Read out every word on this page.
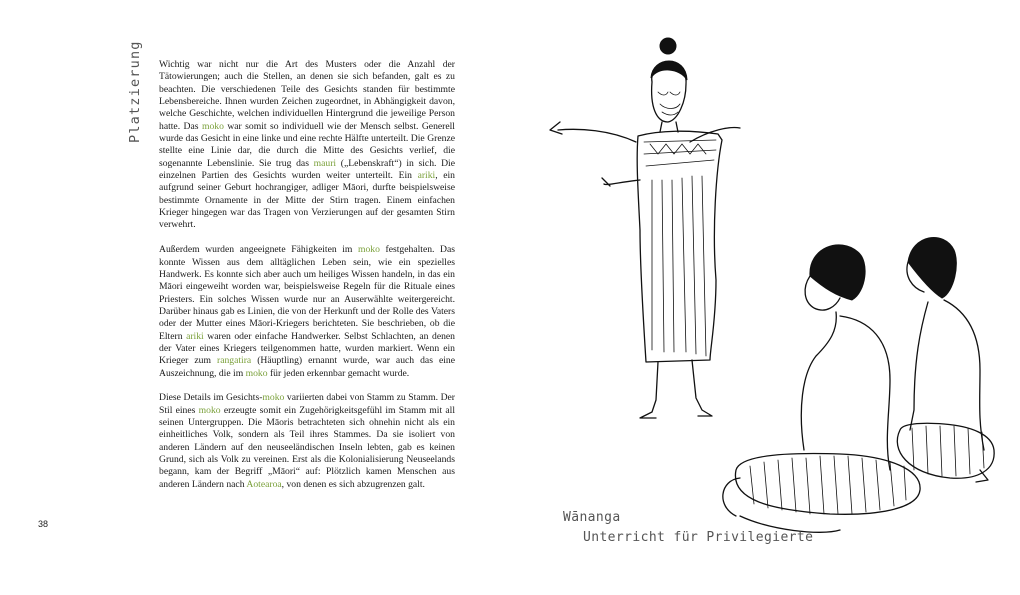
Platzierung Wichtig war nicht nur die Art des Musters oder die Anzahl der Tätowierungen; auch die Stellen, an denen sie sich befanden, galt es zu beachten. Die verschiedenen Teile des Gesichts standen für bestimmte Lebensbereiche. Ihnen wurden Zeichen zugeordnet, in Abhängigkeit davon, welche Geschichte, welchen individuellen Hintergrund die jeweilige Person hatte. Das moko war somit so individuell wie der Mensch selbst. Generell wurde das Gesicht in eine linke und eine rechte Hälfte unterteilt. Die Grenze stellte eine Linie dar, die durch die Mitte des Gesichts verlief, die sogenannte Lebenslinie. Sie trug das mauri („Lebenskraft“) in sich. Die einzelnen Partien des Gesichts wurden weiter unterteilt. Ein ariki, ein aufgrund seiner Geburt hochrangiger, adliger Māori, durfte beispielsweise bestimmte Ornamente in der Mitte der Stirn tragen. Einem einfachen Krieger hingegen war das Tragen von Verzierungen auf der gesamten Stirn verwehrt.

Außerdem wurden angeeignete Fähigkeiten im moko festgehalten. Das konnte Wissen aus dem alltäglichen Leben sein, wie ein spezielles Handwerk. Es konnte sich aber auch um heiliges Wissen handeln, in das ein Māori eingeweiht worden war, beispielsweise Regeln für die Rituale eines Priesters. Ein solches Wissen wurde nur an Auserwählte weitergereicht. Darüber hinaus gab es Linien, die von der Herkunft und der Rolle des Vaters oder der Mutter eines Māori-Kriegers berichteten. Sie beschrieben, ob die Eltern ariki waren oder einfache Handwerker. Selbst Schlachten, an denen der Vater eines Kriegers teilgenommen hatte, wurden markiert. Wenn ein Krieger zum rangatira (Häuptling) ernannt wurde, war auch das eine Auszeichnung, die im moko für jeden erkennbar gemacht wurde.

Diese Details im Gesichts-moko variierten dabei von Stamm zu Stamm. Der Stil eines moko erzeugte somit ein Zugehörigkeitsgefühl im Stamm mit all seinen Untergruppen. Die Māoris betrachteten sich ohnehin nicht als ein einheitliches Volk, sondern als Teil ihres Stammes. Da sie isoliert von anderen Ländern auf den neuseeländischen Inseln lebten, gab es keinen Grund, sich als Volk zu vereinen. Erst als die Kolonialisierung Neuseelands begann, kam der Begriff „Māori“ auf: Plötzlich kamen Menschen aus anderen Ländern nach Aotearoa, von denen es sich abzugrenzen galt.

38	Wānanga
Unterricht für Privilegierte
